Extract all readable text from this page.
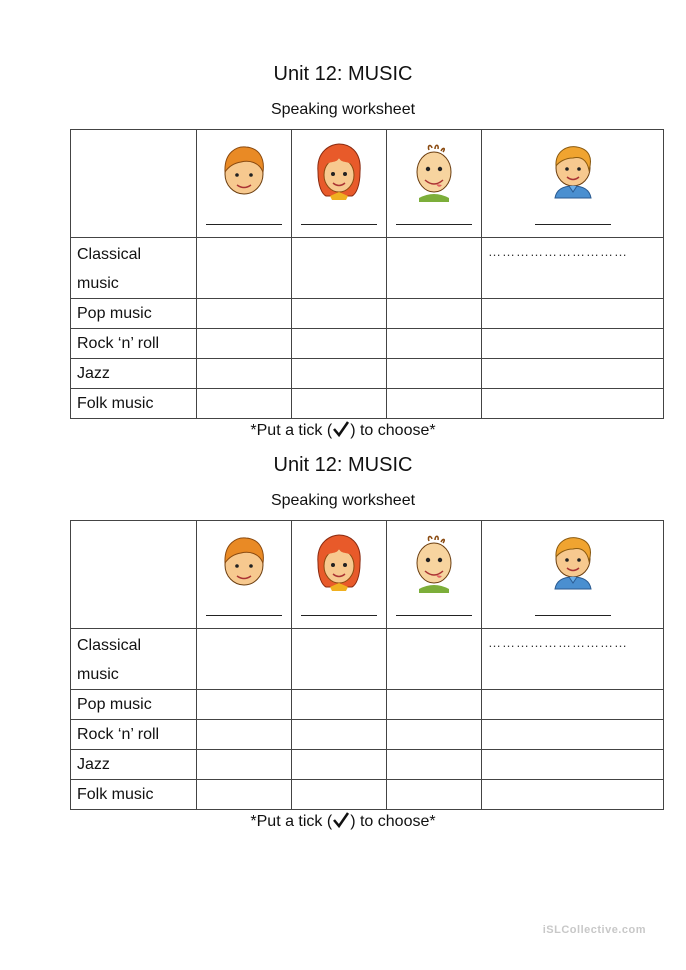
Unit 12: MUSIC
Speaking worksheet

Classical
music				…………………………

Pop music				

Rock ‘n’ roll				

Jazz				

Folk music				

*Put a tick ( ) to choose*
Unit 12: MUSIC
Speaking worksheet

Classical
music				…………………………

Pop music				

Rock ‘n’ roll				

Jazz				

Folk music				

*Put a tick ( ) to choose*
iSLCollective.com
